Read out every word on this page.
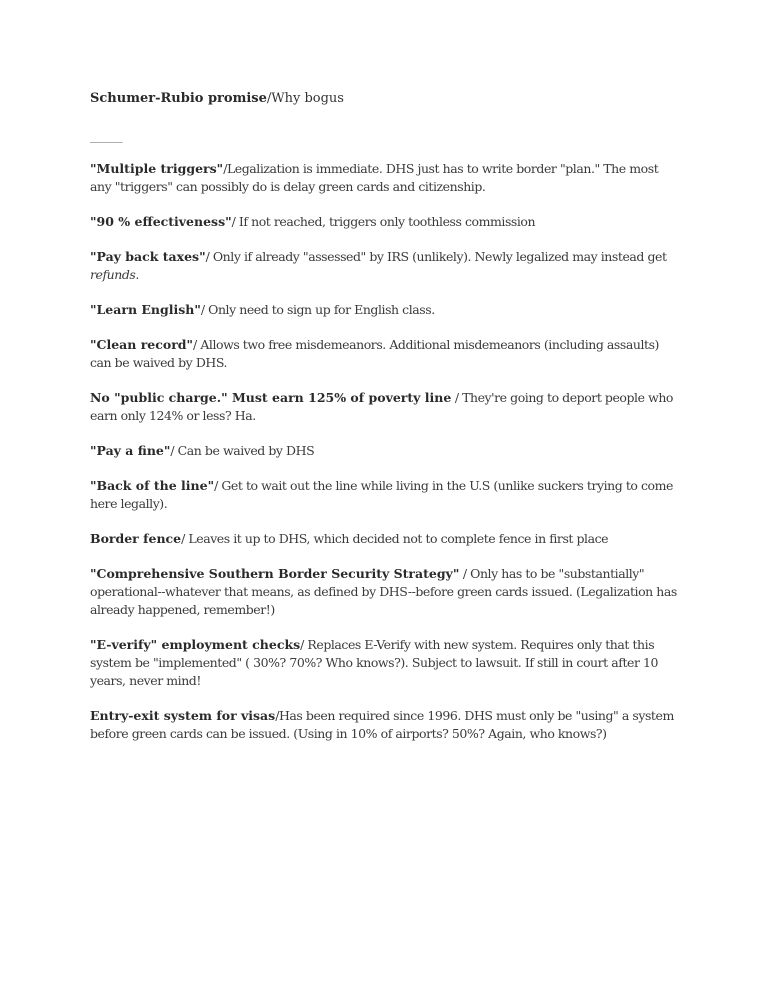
Schumer-Rubio promise/Why bogus

______

"Multiple triggers"/Legalization is immediate. DHS just has to write border "plan." The most any "triggers" can possibly do is delay green cards and citizenship.

"90 % effectiveness"/ If not reached, triggers only toothless commission

"Pay back taxes"/ Only if already "assessed" by IRS (unlikely). Newly legalized may instead get refunds.

"Learn English"/ Only need to sign up for English class.

"Clean record"/ Allows two free misdemeanors. Additional misdemeanors (including assaults) can be waived by DHS.

No "public charge." Must earn 125% of poverty line / They're going to deport people who earn only 124% or less? Ha.

"Pay a fine"/ Can be waived by DHS

"Back of the line"/ Get to wait out the line while living in the U.S (unlike suckers trying to come here legally).

Border fence/ Leaves it up to DHS, which decided not to complete fence in first place

"Comprehensive Southern Border Security Strategy" / Only has to be "substantially" operational--whatever that means, as defined by DHS--before green cards issued. (Legalization has already happened, remember!)

"E-verify" employment checks/ Replaces E-Verify with new system. Requires only that this system be "implemented" ( 30%? 70%? Who knows?). Subject to lawsuit. If still in court after 10 years, never mind!

Entry-exit system for visas/Has been required since 1996. DHS must only be "using" a system before green cards can be issued. (Using in 10% of airports? 50%? Again, who knows?)
